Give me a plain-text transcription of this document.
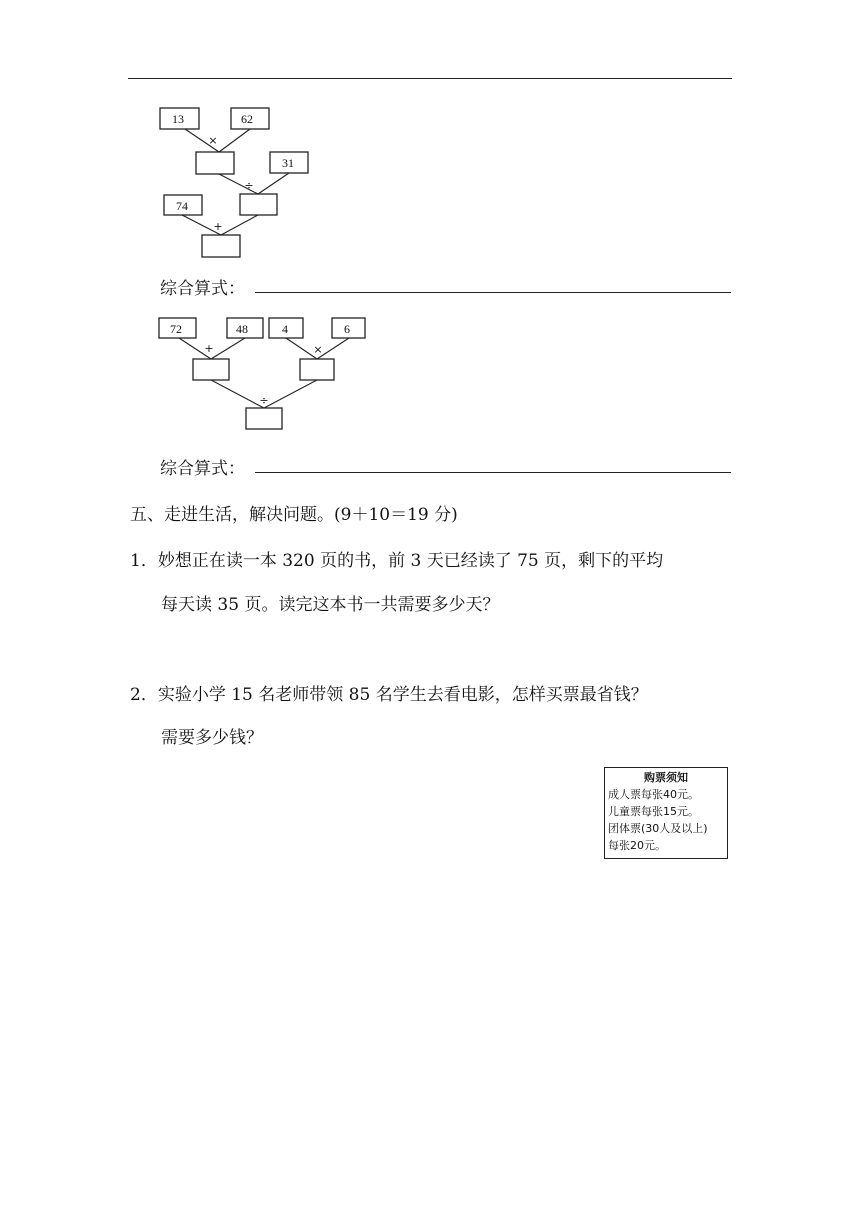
13	62
×
31
÷
74
+
72	48
+
4	6
×
÷
综合算式：
综合算式：
五、走进生活，解决问题。(9＋10＝19 分)
1．妙想正在读一本 320 页的书，前 3 天已经读了 75 页，剩下的平均
每天读 35 页。读完这本书一共需要多少天？
2．实验小学 15 名老师带领 85 名学生去看电影，怎样买票最省钱？
需要多少钱？
购票须知
成人票每张40元。
儿童票每张15元。
团体票(30人及以上)
每张20元。
